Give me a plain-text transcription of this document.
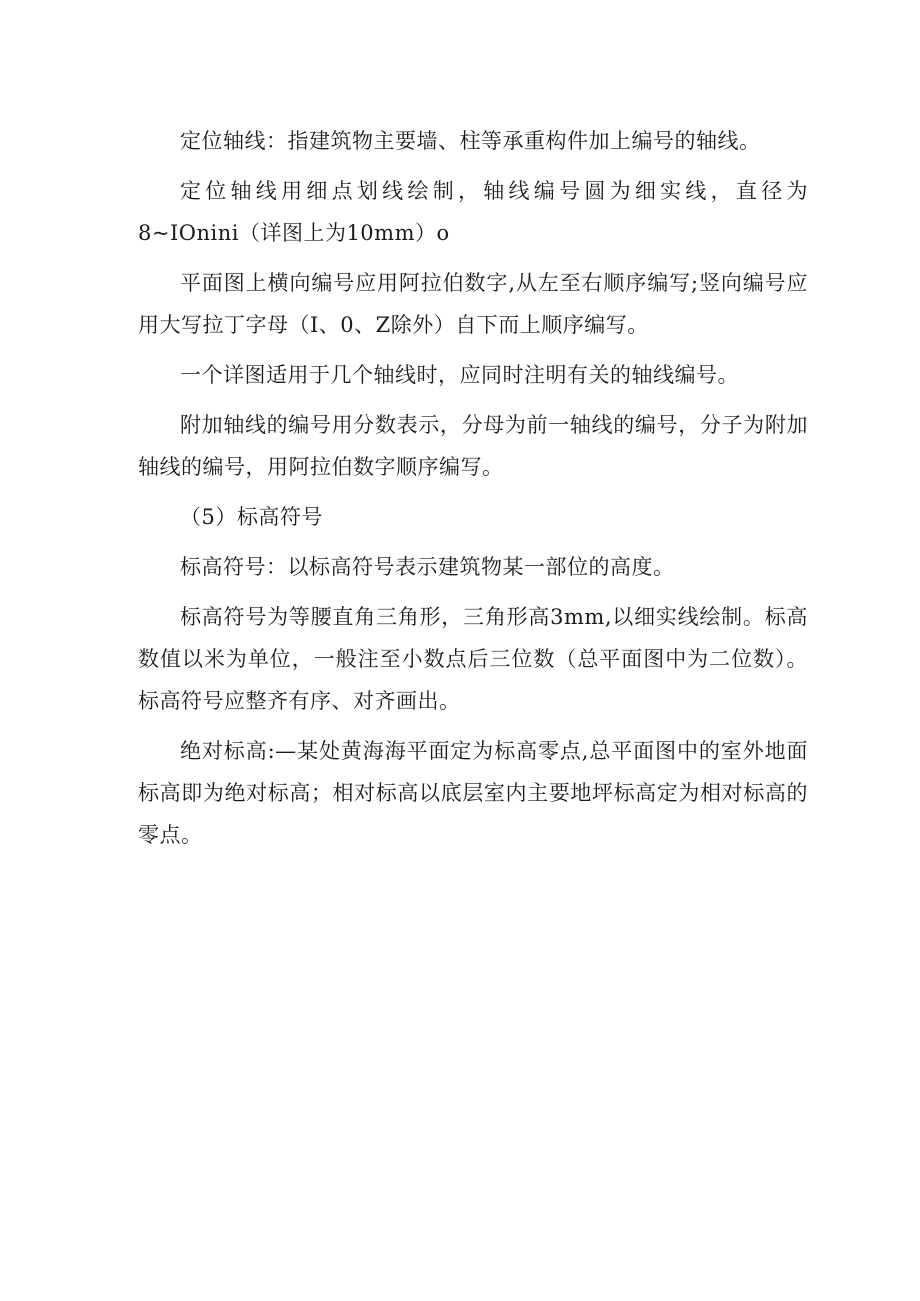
定位轴线：指建筑物主要墙、柱等承重构件加上编号的轴线。

定位轴线用细点划线绘制，轴线编号圆为细实线，直径为8~IOnini（详图上为10mm）o

平面图上横向编号应用阿拉伯数字,从左至右顺序编写;竖向编号应用大写拉丁字母（I、0、Z除外）自下而上顺序编写。

一个详图适用于几个轴线时，应同时注明有关的轴线编号。

附加轴线的编号用分数表示，分母为前一轴线的编号，分子为附加轴线的编号，用阿拉伯数字顺序编写。

（5）标高符号

标高符号：以标高符号表示建筑物某一部位的高度。

标高符号为等腰直角三角形，三角形高3mm,以细实线绘制。标高数值以米为单位，一般注至小数点后三位数（总平面图中为二位数）。标高符号应整齐有序、对齐画出。

绝对标高:—某处黄海海平面定为标高零点,总平面图中的室外地面标高即为绝对标高；相对标高以底层室内主要地坪标高定为相对标高的零点。
